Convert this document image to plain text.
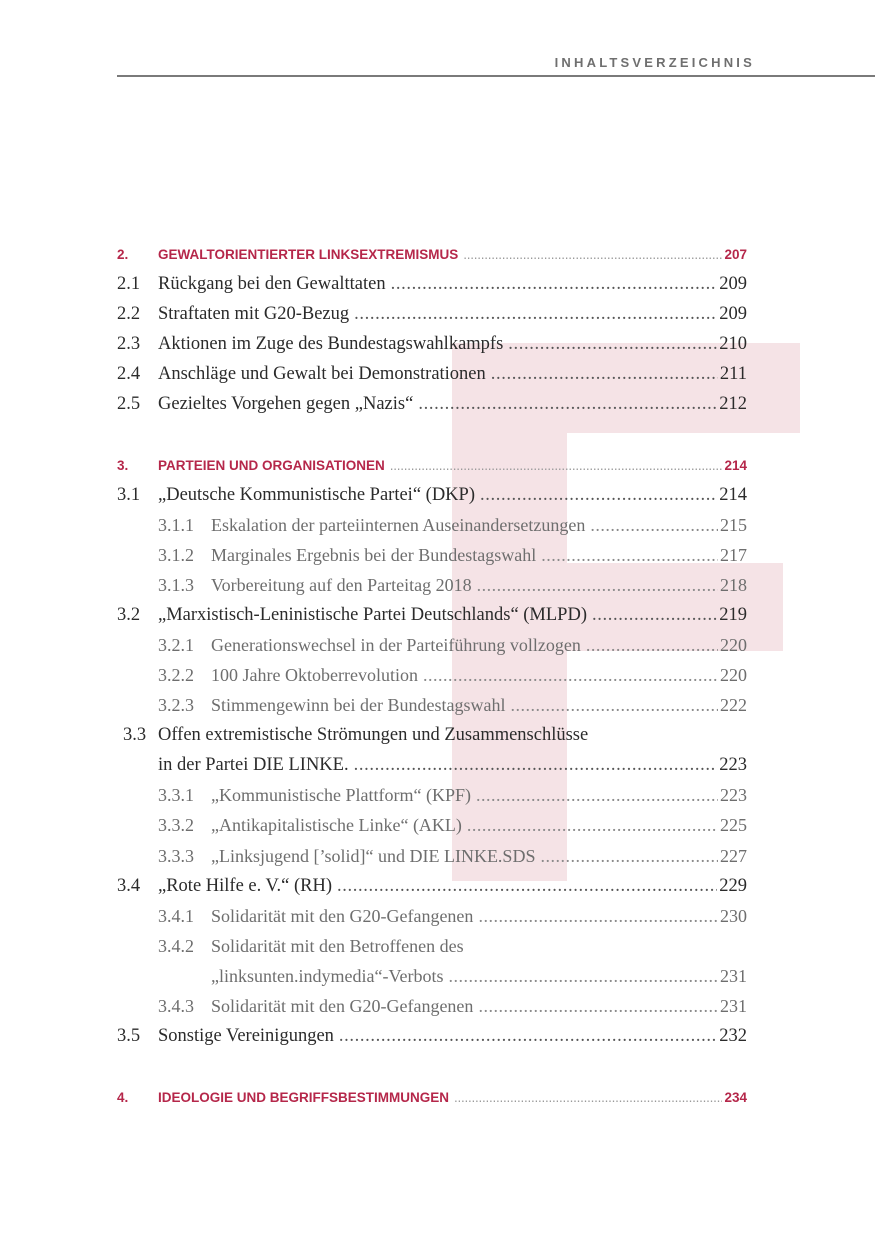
INHALTSVERZEICHNIS
2. GEWALTORIENTIERTER LINKSEXTREMISMUS . . .	207
2.1 Rückgang bei den Gewalttaten . . .	209
2.2 Straftaten mit G20-Bezug . . .	209
2.3 Aktionen im Zuge des Bundestagswahlkampfs . . .	210
2.4 Anschläge und Gewalt bei Demonstrationen . . .	211
2.5 Gezieltes Vorgehen gegen „Nazis“ . . .	212
3. PARTEIEN UND ORGANISATIONEN . . .	214
3.1 „Deutsche Kommunistische Partei“ (DKP) . . .	214
3.1.1 Eskalation der parteiinternen Auseinandersetzungen . . .	215
3.1.2 Marginales Ergebnis bei der Bundestagswahl . . .	217
3.1.3 Vorbereitung auf den Parteitag 2018 . . .	218
3.2 „Marxistisch-Leninistische Partei Deutschlands“ (MLPD) . . .	219
3.2.1 Generationswechsel in der Parteiführung vollzogen . . .	220
3.2.2 100 Jahre Oktoberrevolution . . .	220
3.2.3 Stimmengewinn bei der Bundestagswahl . . .	222
3.3 Offen extremistische Strömungen und Zusammenschlüsse
in der Partei DIE LINKE. . . .	223
3.3.1 „Kommunistische Plattform“ (KPF) . . .	223
3.3.2 „Antikapitalistische Linke“ (AKL) . . .	225
3.3.3 „Linksjugend [’solid]“ und DIE LINKE.SDS . . .	227
3.4 „Rote Hilfe e. V.“ (RH) . . .	229
3.4.1 Solidarität mit den G20-Gefangenen . . .	230
3.4.2 Solidarität mit den Betroffenen des
„linksunten.indymedia“-Verbots . . .	231
3.4.3 Solidarität mit den G20-Gefangenen . . .	231
3.5 Sonstige Vereinigungen . . .	232
4. IDEOLOGIE UND BEGRIFFSBESTIMMUNGEN . . .	234
